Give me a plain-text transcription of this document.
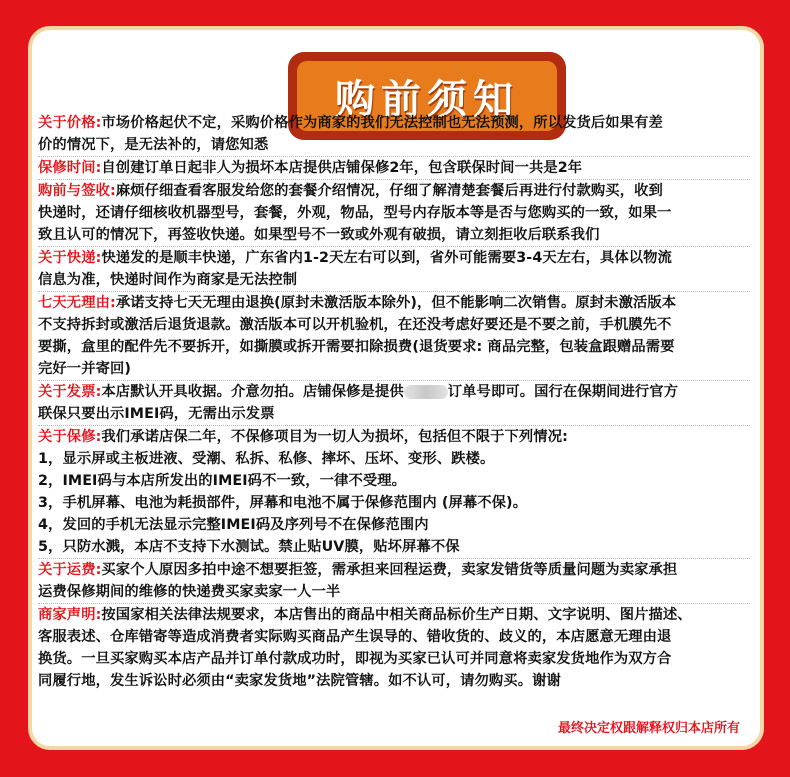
购前须知
最终决定权跟解释权归本店所有

关于价格:市场价格起伏不定，采购价格作为商家的我们无法控制也无法预测，所以发货后如果有差
价的情况下，是无法补的，请您知悉

保修时间:自创建订单日起非人为损坏本店提供店铺保修2年，包含联保时间一共是2年

购前与签收:麻烦仔细查看客服发给您的套餐介绍情况，仔细了解清楚套餐后再进行付款购买，收到
快递时，还请仔细核收机器型号，套餐，外观，物品，型号内存版本等是否与您购买的一致，如果一
致且认可的情况下，再签收快递。如果型号不一致或外观有破损，请立刻拒收后联系我们

关于快递:快递发的是顺丰快递，广东省内1-2天左右可以到，省外可能需要3-4天左右，具体以物流
信息为准，快递时间作为商家是无法控制

七天无理由:承诺支持七天无理由退换(原封未激活版本除外)，但不能影响二次销售。原封未激活版本
不支持拆封或激活后退货退款。激活版本可以开机验机，在还没考虑好要还是不要之前，手机膜先不
要撕，盒里的配件先不要拆开，如撕膜或拆开需要扣除损费(退货要求: 商品完整，包装盒跟赠品需要
完好一并寄回)

关于发票:本店默认开具收据。介意勿拍。店铺保修是提供	订单号即可。国行在保期间进行官方
联保只要出示IMEI码，无需出示发票

关于保修:我们承诺店保二年，不保修项目为一切人为损坏，包括但不限于下列情况:
1，显示屏或主板进液、受潮、私拆、私修、摔坏、压坏、变形、跌楼。
2，IMEI码与本店所发出的IMEI码不一致，一律不受理。
3，手机屏幕、电池为耗损部件，屏幕和电池不属于保修范围内 (屏幕不保)。
4，发回的手机无法显示完整IMEI码及序列号不在保修范围内
5，只防水溅，本店不支持下水测试。禁止贴UV膜，贴坏屏幕不保

关于运费:买家个人原因多拍中途不想要拒签，需承担来回程运费，卖家发错货等质量问题为卖家承担
运费保修期间的维修的快递费买家卖家一人一半

商家声明:按国家相关法律法规要求，本店售出的商品中相关商品标价生产日期、文字说明、图片描述、
客服表述、仓库错寄等造成消费者实际购买商品产生误导的、错收货的、歧义的，本店愿意无理由退
换货。一旦买家购买本店产品并订单付款成功时，即视为买家已认可并同意将卖家发货地作为双方合
同履行地，发生诉讼时必须由“卖家发货地”法院管辖。如不认可，请勿购买。谢谢
